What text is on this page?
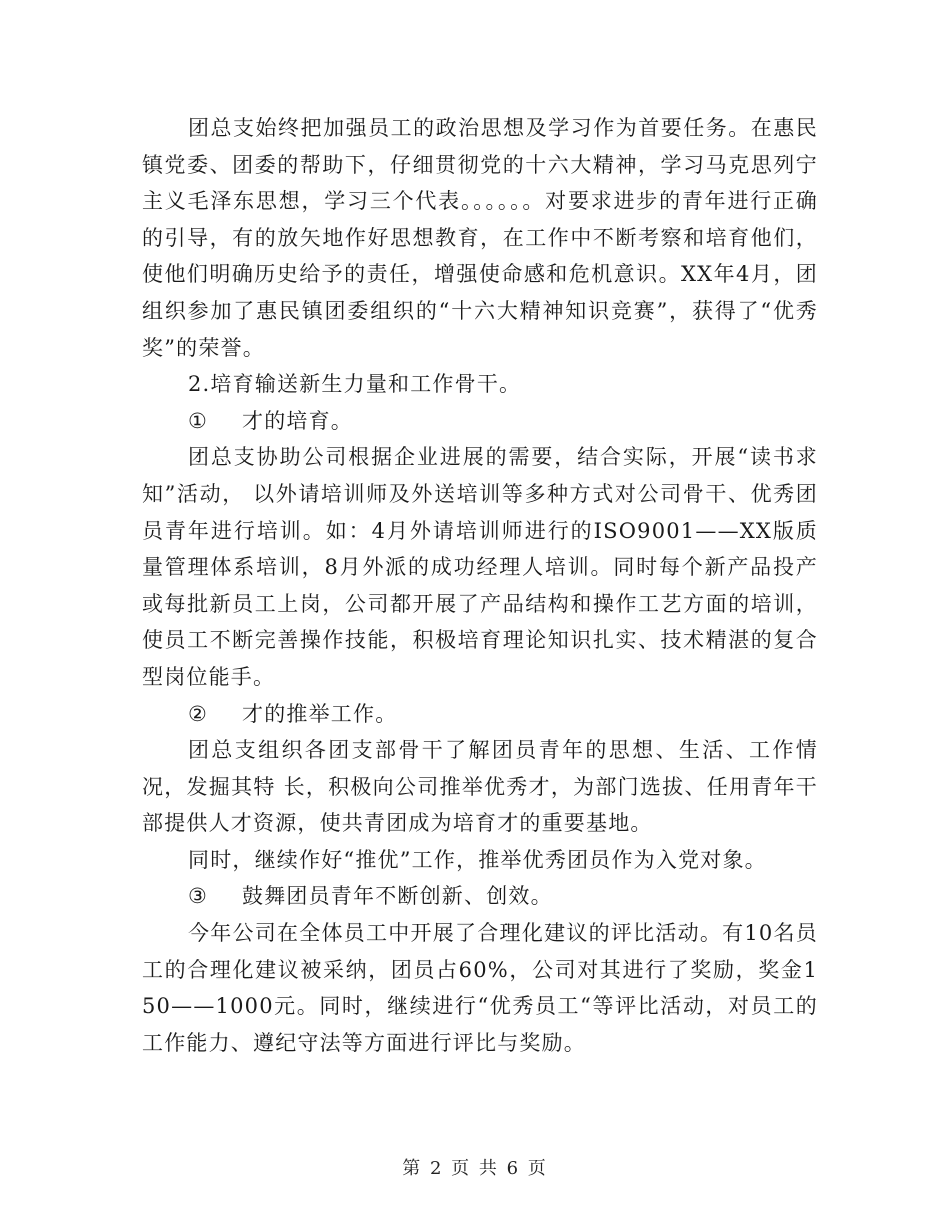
团总支始终把加强员工的政治思想及学习作为首要任务。在惠民镇党委、团委的帮助下，仔细贯彻党的十六大精神，学习马克思列宁主义毛泽东思想，学习三个代表。。。。。。对要求进步的青年进行正确的引导，有的放矢地作好思想教育，在工作中不断考察和培育他们，使他们明确历史给予的责任，增强使命感和危机意识。XX年4月，团组织参加了惠民镇团委组织的“十六大精神知识竞赛”，获得了“优秀奖”的荣誉。

2.培育输送新生力量和工作骨干。

① 才的培育。

团总支协助公司根据企业进展的需要，结合实际，开展“读书求知”活动， 以外请培训师及外送培训等多种方式对公司骨干、优秀团员青年进行培训。如：4月外请培训师进行的ISO9001——XX版质量管理体系培训，8月外派的成功经理人培训。同时每个新产品投产或每批新员工上岗，公司都开展了产品结构和操作工艺方面的培训，使员工不断完善操作技能，积极培育理论知识扎实、技术精湛的复合型岗位能手。

② 才的推举工作。

团总支组织各团支部骨干了解团员青年的思想、生活、工作情况，发掘其特 长，积极向公司推举优秀才，为部门选拔、任用青年干部提供人才资源，使共青团成为培育才的重要基地。

同时，继续作好“推优”工作，推举优秀团员作为入党对象。

③ 鼓舞团员青年不断创新、创效。

今年公司在全体员工中开展了合理化建议的评比活动。有10名员工的合理化建议被采纳，团员占60%，公司对其进行了奖励，奖金150——1000元。同时，继续进行“优秀员工“等评比活动，对员工的工作能力、遵纪守法等方面进行评比与奖励。

第 2 页 共 6 页
